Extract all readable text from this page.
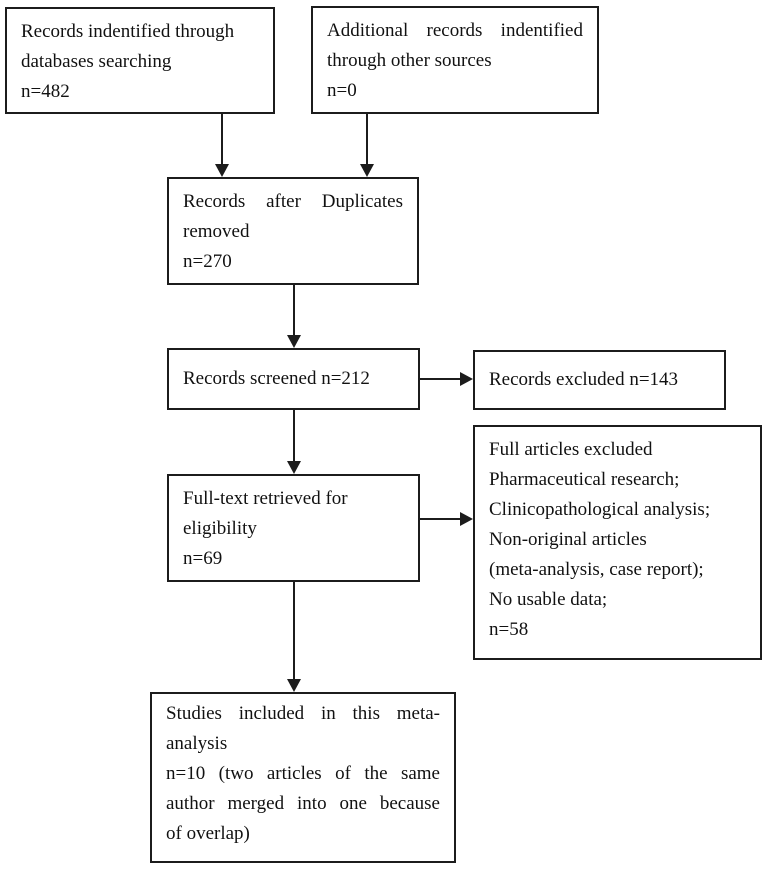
Records indentified through
databases searching
n=482
Additional records indentified
through other sources
n=0
Records after Duplicates
removed
n=270
Records screened n=212	Records excluded n=143
Full-text retrieved for
eligibility
n=69
Full articles excluded
Pharmaceutical research;
Clinicopathological analysis;
Non-original articles
(meta-analysis, case report);
No usable data;
n=58
Studies included in this meta-
analysis
n=10 (two articles of the same
author merged into one because
of overlap)
